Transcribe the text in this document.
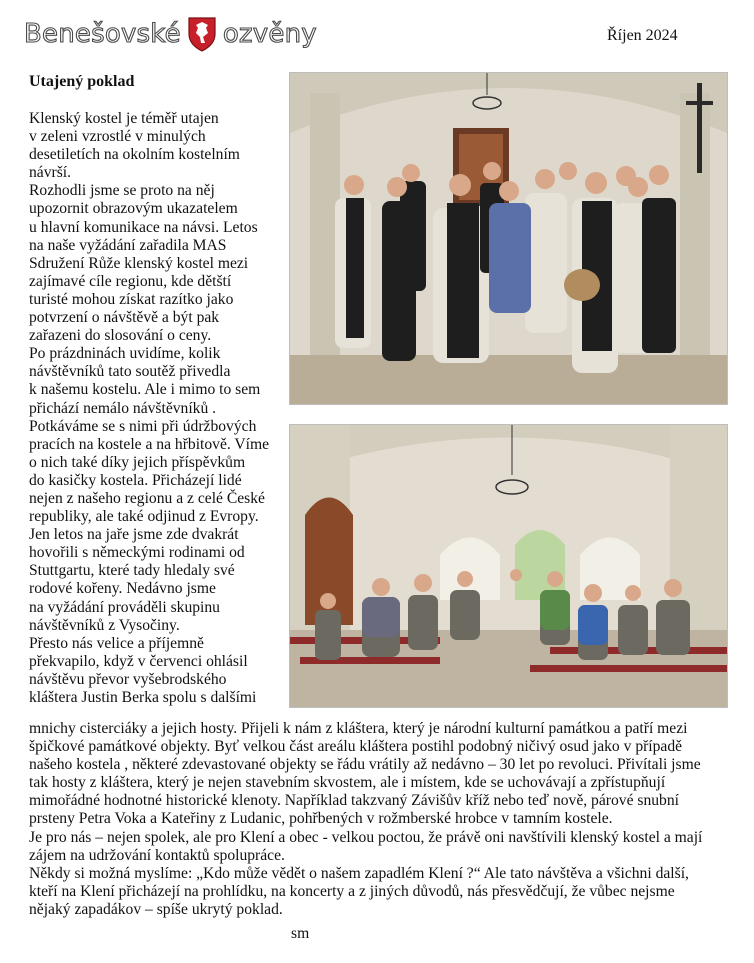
Benešovské ozvěny	Říjen 2024
Utajený poklad

Klenský kostel je téměř utajen

v zeleni vzrostlé v minulých

desetiletích na okolním kostelním

návrší.

Rozhodli jsme se proto na něj

upozornit obrazovým ukazatelem

u hlavní komunikace na návsi. Letos

na naše vyžádání zařadila MAS

Sdružení Růže klenský kostel mezi

zajímavé cíle regionu, kde dětští

turisté mohou získat razítko jako

potvrzení o návštěvě a být pak

zařazeni do slosování o ceny.

Po prázdninách uvidíme, kolik

návštěvníků tato soutěž přivedla

k našemu kostelu. Ale i mimo to sem

přichází nemálo návštěvníků .

Potkáváme se s nimi při údržbových

pracích na kostele a na hřbitově. Víme

o nich také díky jejich příspěvkům

do kasičky kostela. Přicházejí lidé

nejen z našeho regionu a z celé České

republiky, ale také odjinud z Evropy.

Jen letos na jaře jsme zde dvakrát

hovořili s německými rodinami od

Stuttgartu, které tady hledaly své

rodové kořeny. Nedávno jsme

na vyžádání prováděli skupinu

návštěvníků z Vysočiny.

Přesto nás velice a příjemně

překvapilo, když v červenci ohlásil

návštěvu převor vyšebrodského

kláštera Justin Berka spolu s dalšími

mnichy cisterciáky a jejich hosty. Přijeli k nám z kláštera, který je národní kulturní památkou a patří mezi

špičkové památkové objekty. Byť velkou část areálu kláštera postihl podobný ničivý osud jako v případě

našeho kostela , některé zdevastované objekty se řádu vrátily až nedávno – 30 let po revoluci. Přivítali jsme

tak hosty z kláštera, který je nejen stavebním skvostem, ale i místem, kde se uchovávají a zpřístupňují

mimořádné hodnotné historické klenoty. Například takzvaný Závišův kříž nebo teď nově, párové snubní

prsteny Petra Voka a Kateřiny z Ludanic, pohřbených v rožmberské hrobce v tamním kostele.

Je pro nás – nejen spolek, ale pro Klení a obec - velkou poctou, že právě oni navštívili klenský kostel a mají

zájem na udržování kontaktů spolupráce.

Někdy si možná myslíme: „Kdo může vědět o našem zapadlém Klení ?“ Ale tato návštěva a všichni další,

kteří na Klení přicházejí na prohlídku, na koncerty a z jiných důvodů, nás přesvědčují, že vůbec nejsme

nějaký zapadákov – spíše ukrytý poklad.

sm
